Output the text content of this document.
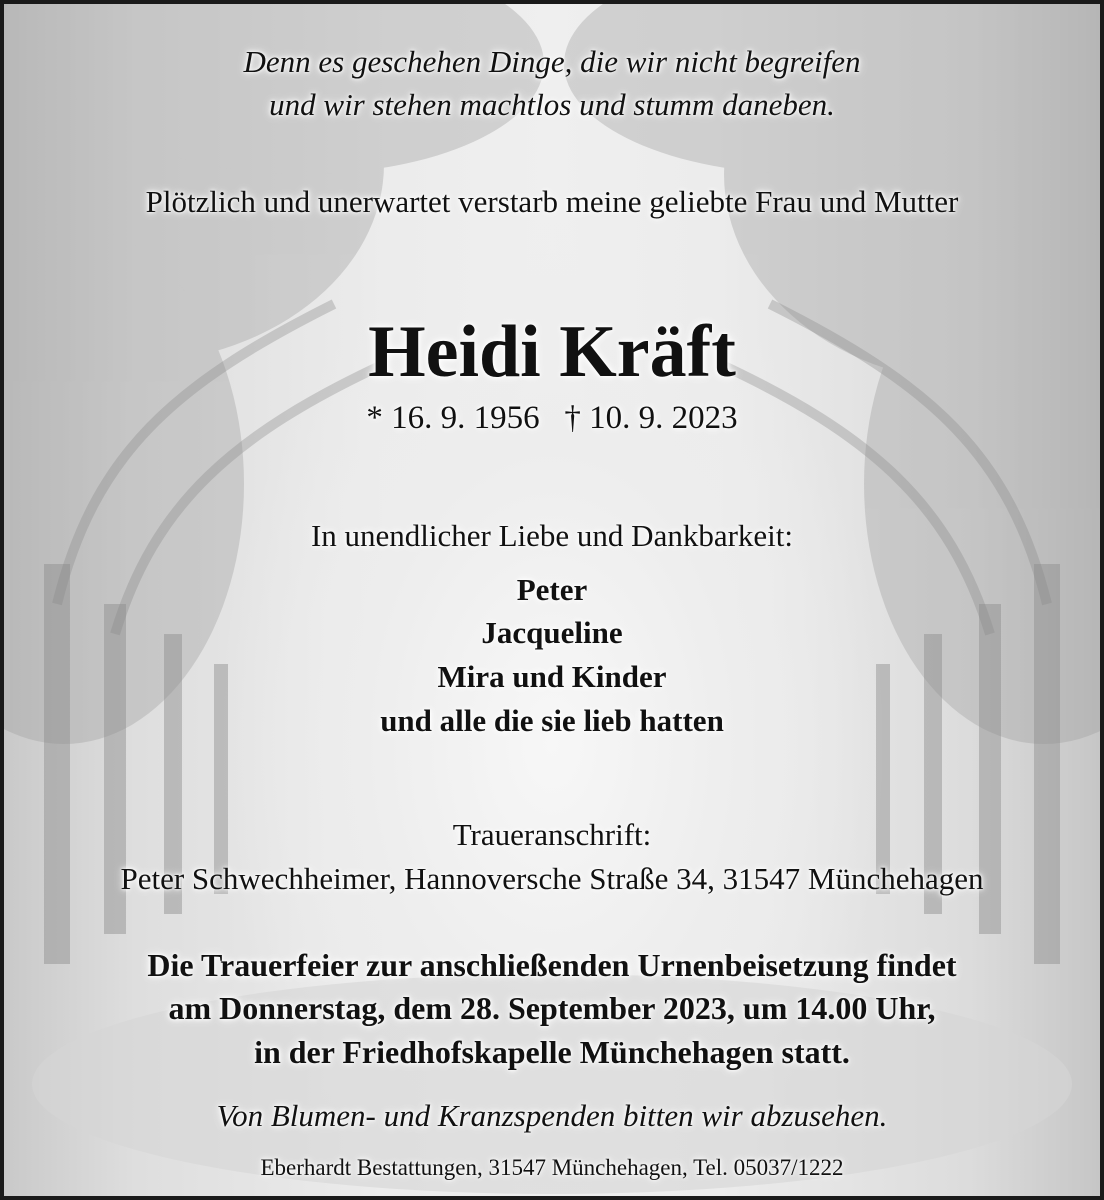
Denn es geschehen Dinge, die wir nicht begreifen
und wir stehen machtlos und stumm daneben.
Plötzlich und unerwartet verstarb meine geliebte Frau und Mutter
Heidi Kräft
* 16. 9. 1956   † 10. 9. 2023
In unendlicher Liebe und Dankbarkeit:
Peter
Jacqueline
Mira und Kinder
und alle die sie lieb hatten
Traueranschrift:
Peter Schwechheimer, Hannoversche Straße 34, 31547 Münchehagen
Die Trauerfeier zur anschließenden Urnenbeisetzung findet
am Donnerstag, dem 28. September 2023, um 14.00 Uhr,
in der Friedhofskapelle Münchehagen statt.
Von Blumen- und Kranzspenden bitten wir abzusehen.
Eberhardt Bestattungen, 31547 Münchehagen, Tel. 05037/1222
